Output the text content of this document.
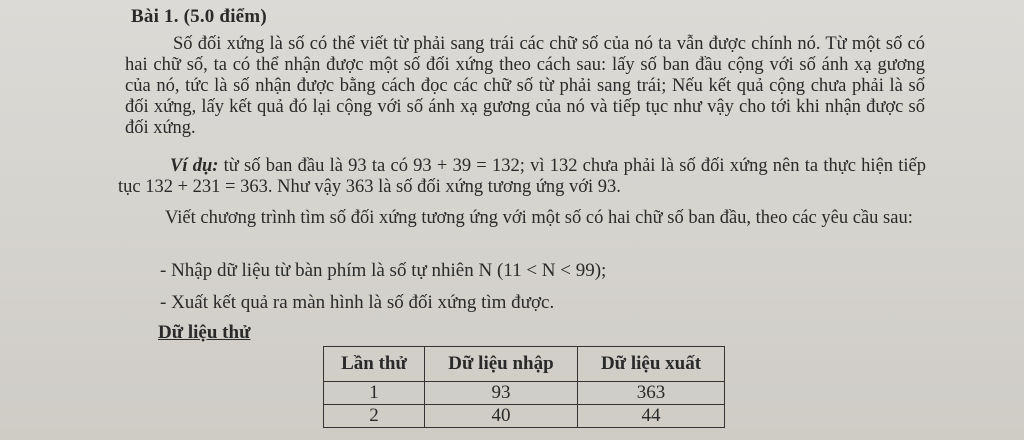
Bài 1. (5.0 điểm)

Số đối xứng là số có thể viết từ phải sang trái các chữ số của nó ta vẫn được chính nó. Từ một số có hai chữ số, ta có thể nhận được một số đối xứng theo cách sau: lấy số ban đầu cộng với số ánh xạ gương của nó, tức là số nhận được bằng cách đọc các chữ số từ phải sang trái; Nếu kết quả cộng chưa phải là số đối xứng, lấy kết quả đó lại cộng với số ánh xạ gương của nó và tiếp tục như vậy cho tới khi nhận được số đối xứng.

Ví dụ: từ số ban đầu là 93 ta có 93 + 39 = 132; vì 132 chưa phải là số đối xứng nên ta thực hiện tiếp tục 132 + 231 = 363. Như vậy 363 là số đối xứng tương ứng với 93.

Viết chương trình tìm số đối xứng tương ứng với một số có hai chữ số ban đầu, theo các yêu cầu sau:

- Nhập dữ liệu từ bàn phím là số tự nhiên N (11 < N < 99);
- Xuất kết quả ra màn hình là số đối xứng tìm được.
Dữ liệu thử
Lần thử	Dữ liệu nhập	Dữ liệu xuất
1	93	363
2	40	44
